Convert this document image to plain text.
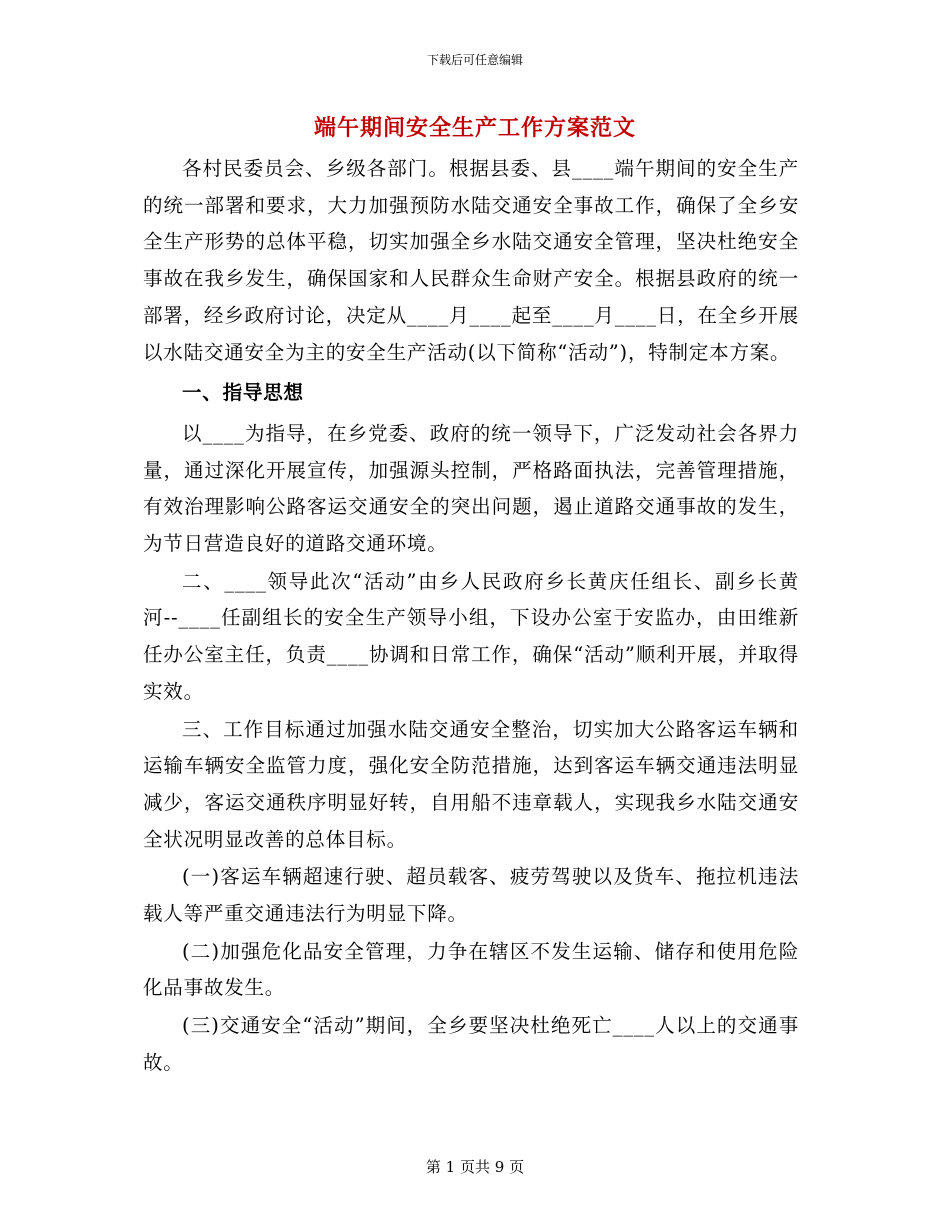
下载后可任意编辑
端午期间安全生产工作方案范文

各村民委员会、乡级各部门。根据县委、县____端午期间的安全生产的统一部署和要求，大力加强预防水陆交通安全事故工作，确保了全乡安全生产形势的总体平稳，切实加强全乡水陆交通安全管理，坚决杜绝安全事故在我乡发生，确保国家和人民群众生命财产安全。根据县政府的统一部署，经乡政府讨论，决定从____月____起至____月____日，在全乡开展以水陆交通安全为主的安全生产活动(以下简称“活动”)，特制定本方案。

一、指导思想

以____为指导，在乡党委、政府的统一领导下，广泛发动社会各界力量，通过深化开展宣传，加强源头控制，严格路面执法，完善管理措施，有效治理影响公路客运交通安全的突出问题，遏止道路交通事故的发生，为节日营造良好的道路交通环境。

二、____领导此次“活动”由乡人民政府乡长黄庆任组长、副乡长黄河--____任副组长的安全生产领导小组，下设办公室于安监办，由田维新任办公室主任，负责____协调和日常工作，确保“活动”顺利开展，并取得实效。

三、工作目标通过加强水陆交通安全整治，切实加大公路客运车辆和运输车辆安全监管力度，强化安全防范措施，达到客运车辆交通违法明显减少，客运交通秩序明显好转，自用船不违章载人，实现我乡水陆交通安全状况明显改善的总体目标。

(一)客运车辆超速行驶、超员载客、疲劳驾驶以及货车、拖拉机违法载人等严重交通违法行为明显下降。

(二)加强危化品安全管理，力争在辖区不发生运输、储存和使用危险化品事故发生。

(三)交通安全“活动”期间，全乡要坚决杜绝死亡____人以上的交通事故。

第 1 页共 9 页
